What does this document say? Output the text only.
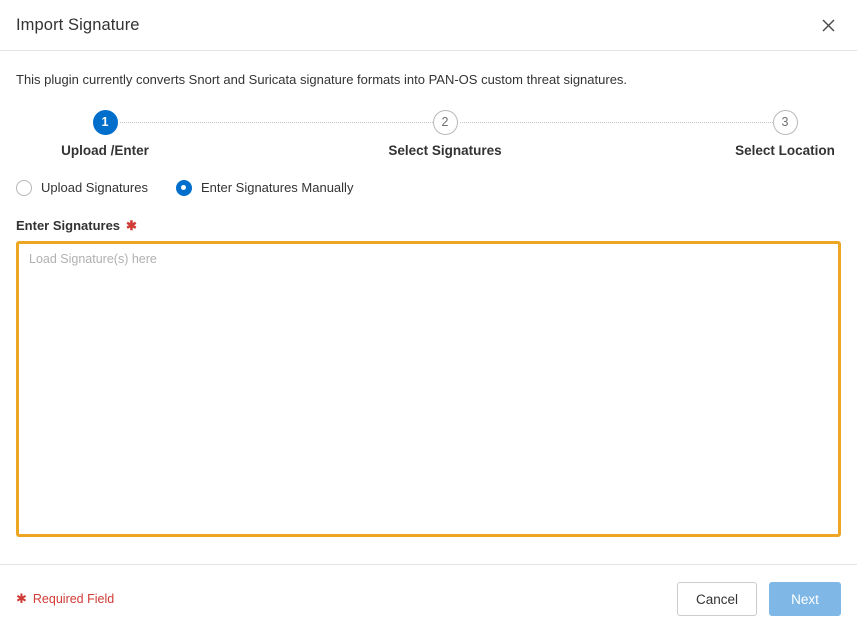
Import Signature
This plugin currently converts Snort and Suricata signature formats into PAN-OS custom threat signatures.
1
Upload /Enter
2
Select Signatures
3
Select Location
Upload Signatures	Enter Signatures Manually
Enter Signatures ✱
Load Signature(s) here
✱ Required Field	Cancel	Next
